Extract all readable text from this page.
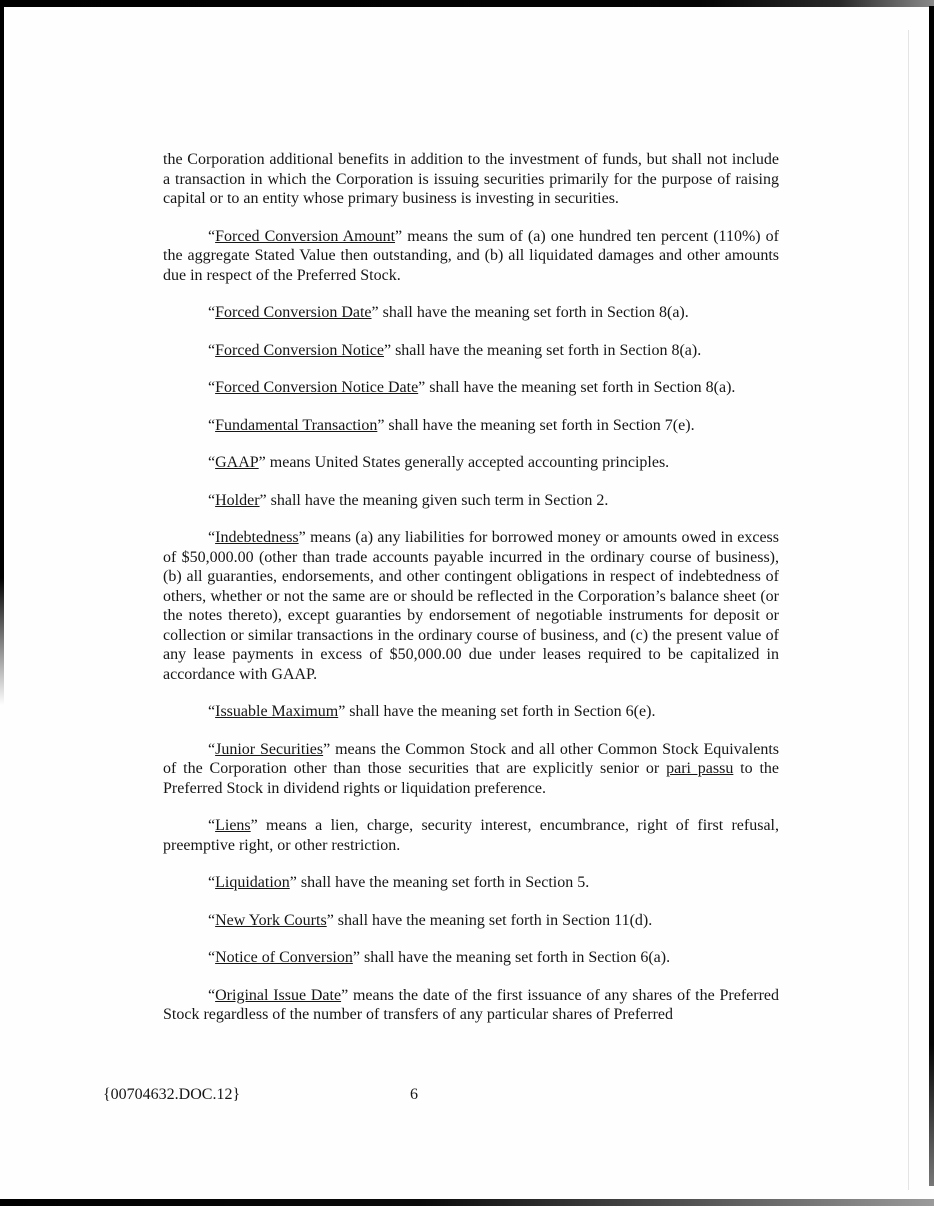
the Corporation additional benefits in addition to the investment of funds, but shall not include a transaction in which the Corporation is issuing securities primarily for the purpose of raising capital or to an entity whose primary business is investing in securities.

“Forced Conversion Amount” means the sum of (a) one hundred ten percent (110%) of the aggregate Stated Value then outstanding, and (b) all liquidated damages and other amounts due in respect of the Preferred Stock.

“Forced Conversion Date” shall have the meaning set forth in Section 8(a).

“Forced Conversion Notice” shall have the meaning set forth in Section 8(a).

“Forced Conversion Notice Date” shall have the meaning set forth in Section 8(a).

“Fundamental Transaction” shall have the meaning set forth in Section 7(e).

“GAAP” means United States generally accepted accounting principles.

“Holder” shall have the meaning given such term in Section 2.

“Indebtedness” means (a) any liabilities for borrowed money or amounts owed in excess of $50,000.00 (other than trade accounts payable incurred in the ordinary course of business), (b) all guaranties, endorsements, and other contingent obligations in respect of indebtedness of others, whether or not the same are or should be reflected in the Corporation’s balance sheet (or the notes thereto), except guaranties by endorsement of negotiable instruments for deposit or collection or similar transactions in the ordinary course of business, and (c) the present value of any lease payments in excess of $50,000.00 due under leases required to be capitalized in accordance with GAAP.

“Issuable Maximum” shall have the meaning set forth in Section 6(e).

“Junior Securities” means the Common Stock and all other Common Stock Equivalents of the Corporation other than those securities that are explicitly senior or pari passu to the Preferred Stock in dividend rights or liquidation preference.

“Liens” means a lien, charge, security interest, encumbrance, right of first refusal, preemptive right, or other restriction.

“Liquidation” shall have the meaning set forth in Section 5.

“New York Courts” shall have the meaning set forth in Section 11(d).

“Notice of Conversion” shall have the meaning set forth in Section 6(a).

“Original Issue Date” means the date of the first issuance of any shares of the Preferred Stock regardless of the number of transfers of any particular shares of Preferred

{00704632.DOC.12}	6
